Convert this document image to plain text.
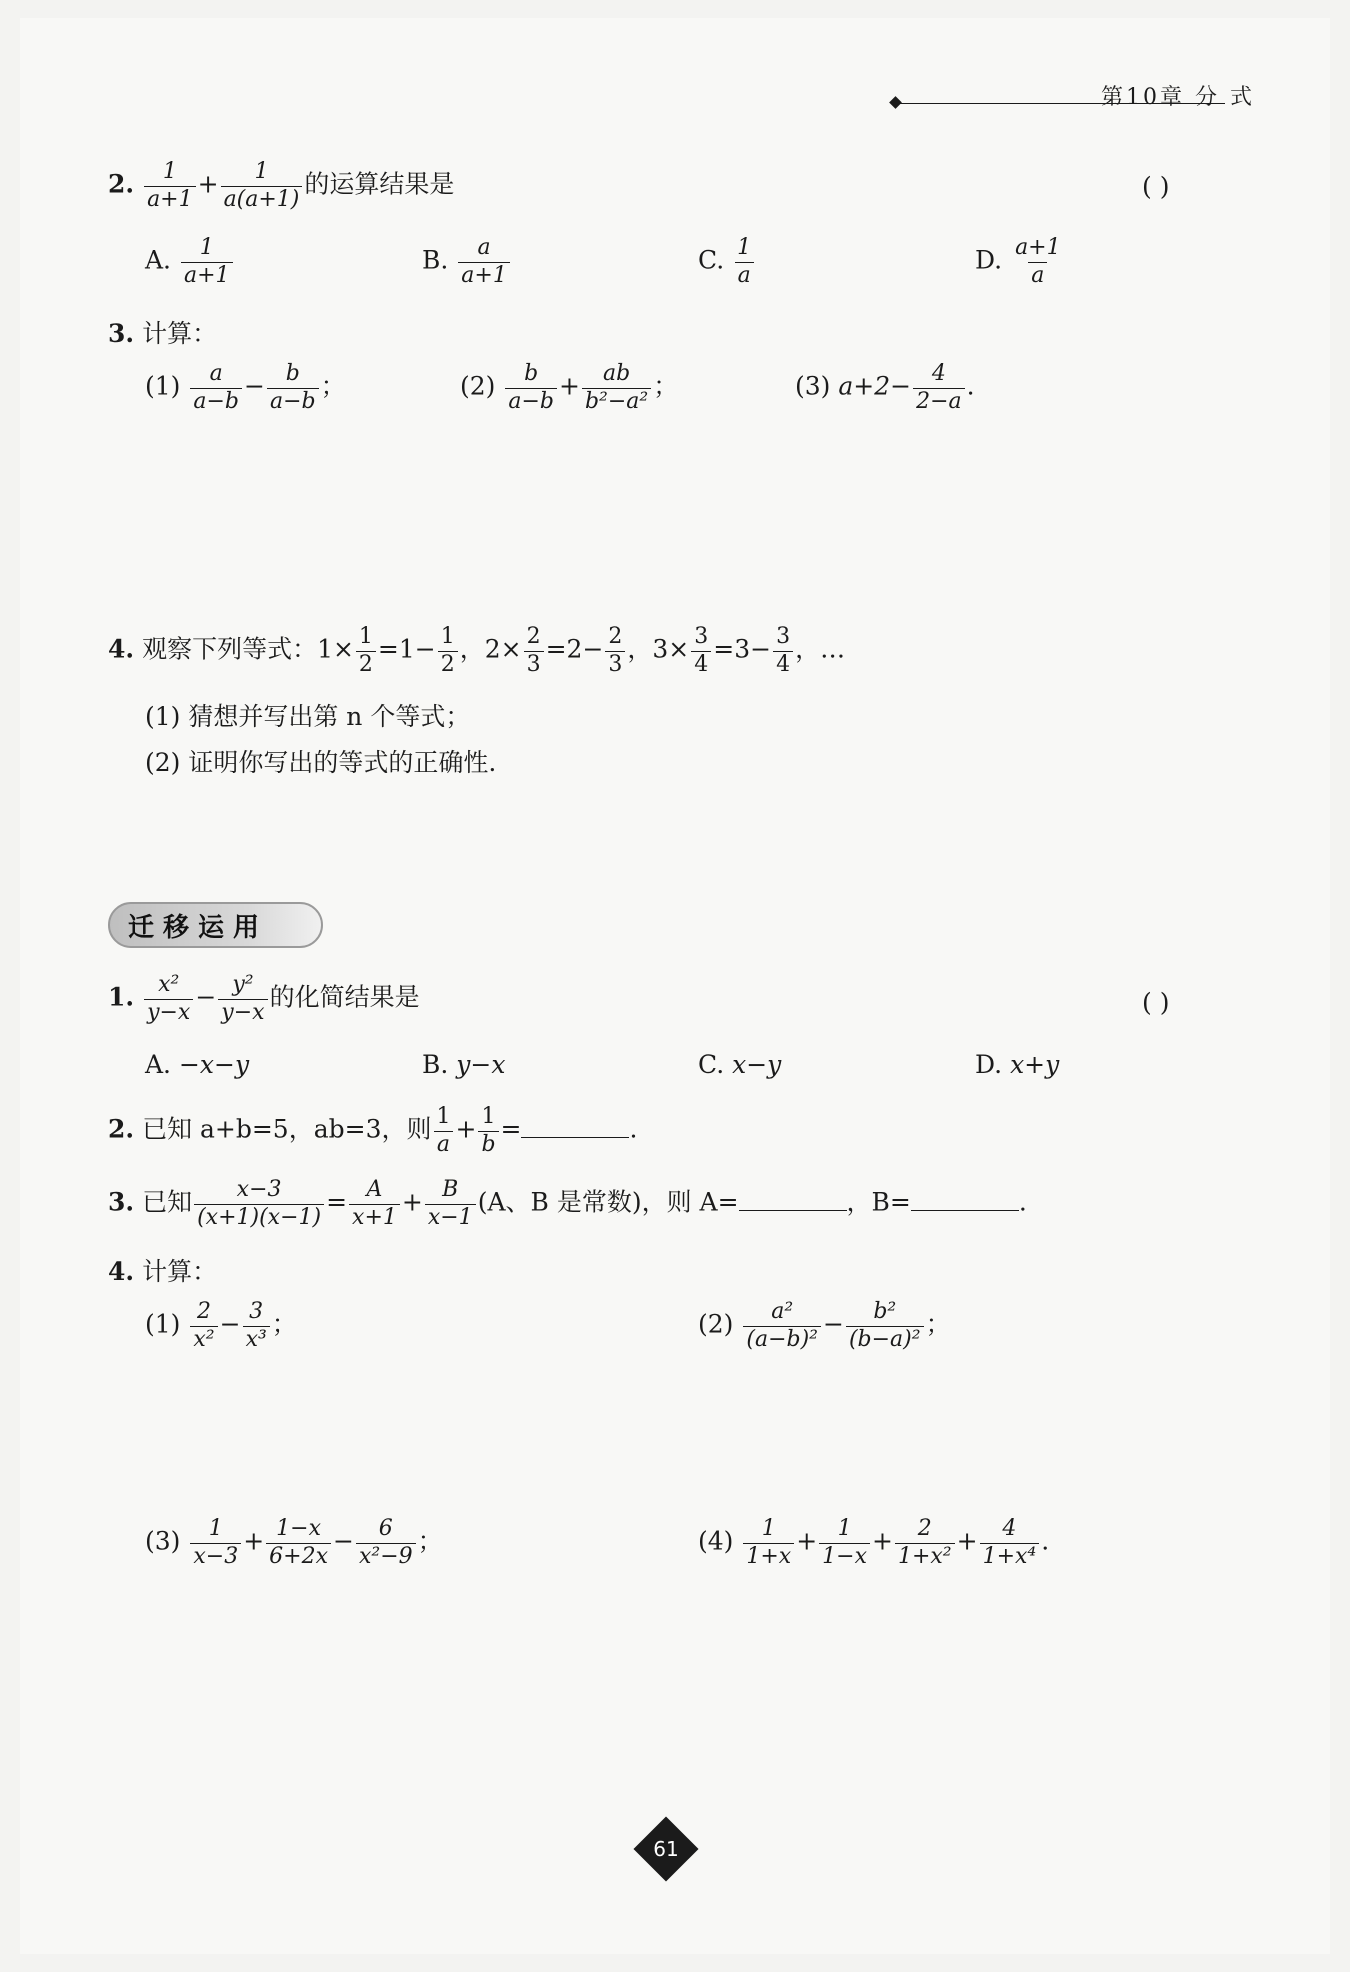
第10章 分 式
2. $\frac{1}{a+1} + \frac{1}{a(a+1)}$ 的运算结果是	( )
A. $\frac{1}{a+1}$	B. $\frac{a}{a+1}$	C. $\frac{1}{a}$	D. $\frac{a+1}{a}$
3. 计算：
$(1) \frac{a}{a-b} - \frac{b}{a-b}$ ；	$(2) \frac{b}{a-b} + \frac{ab}{\text{b²−a²}}$ ；	(3) $a+2- \frac{4}{2-a}$ .
4. 观察下列等式：$1\times \frac{1}{2} =1- \frac{1}{2}$ ，$2\times \frac{2}{3} =2- \frac{2}{3}$ ，$3\times \frac{3}{4} =3- \frac{3}{4}$ ，…
(1) 猜想并写出第 n 个等式；
(2) 证明你写出的等式的正确性.
迁移运用
1. $\frac{\text{x²}}{y-x} - \frac{\text{y²}}{y-x}$ 的化简结果是	( )
A. −x−y	B. y−x	C. x−y	D. x+y
2. 已知 a+b=5，ab=3，则 $\frac{1}{a} + \frac{1}{b}$ =	.
3. 已知 $\frac{x-3}{(x+1)(x-1)} = \frac{A}{x+1} + \frac{B}{x-1} (A$、B 是常数)，则 A=	，B=	.
4. 计算：
$(1) \frac{2}{\text{x²}} - \frac{3}{\text{x³}}$ ；	$(2) \frac{\text{a²}}{\text{(a−b)²}} - \frac{\text{b²}}{\text{(b−a)²}}$ ；
$(3) \frac{1}{x-3} + \frac{1-x}{6+2x} - \frac{6}{\text{x²−9}}$ ；	$(4) \frac{1}{1+x} + \frac{1}{1-x} + \frac{2}{\text{1+x²}} + \frac{4}{\text{1+x⁴}}$ .
61
